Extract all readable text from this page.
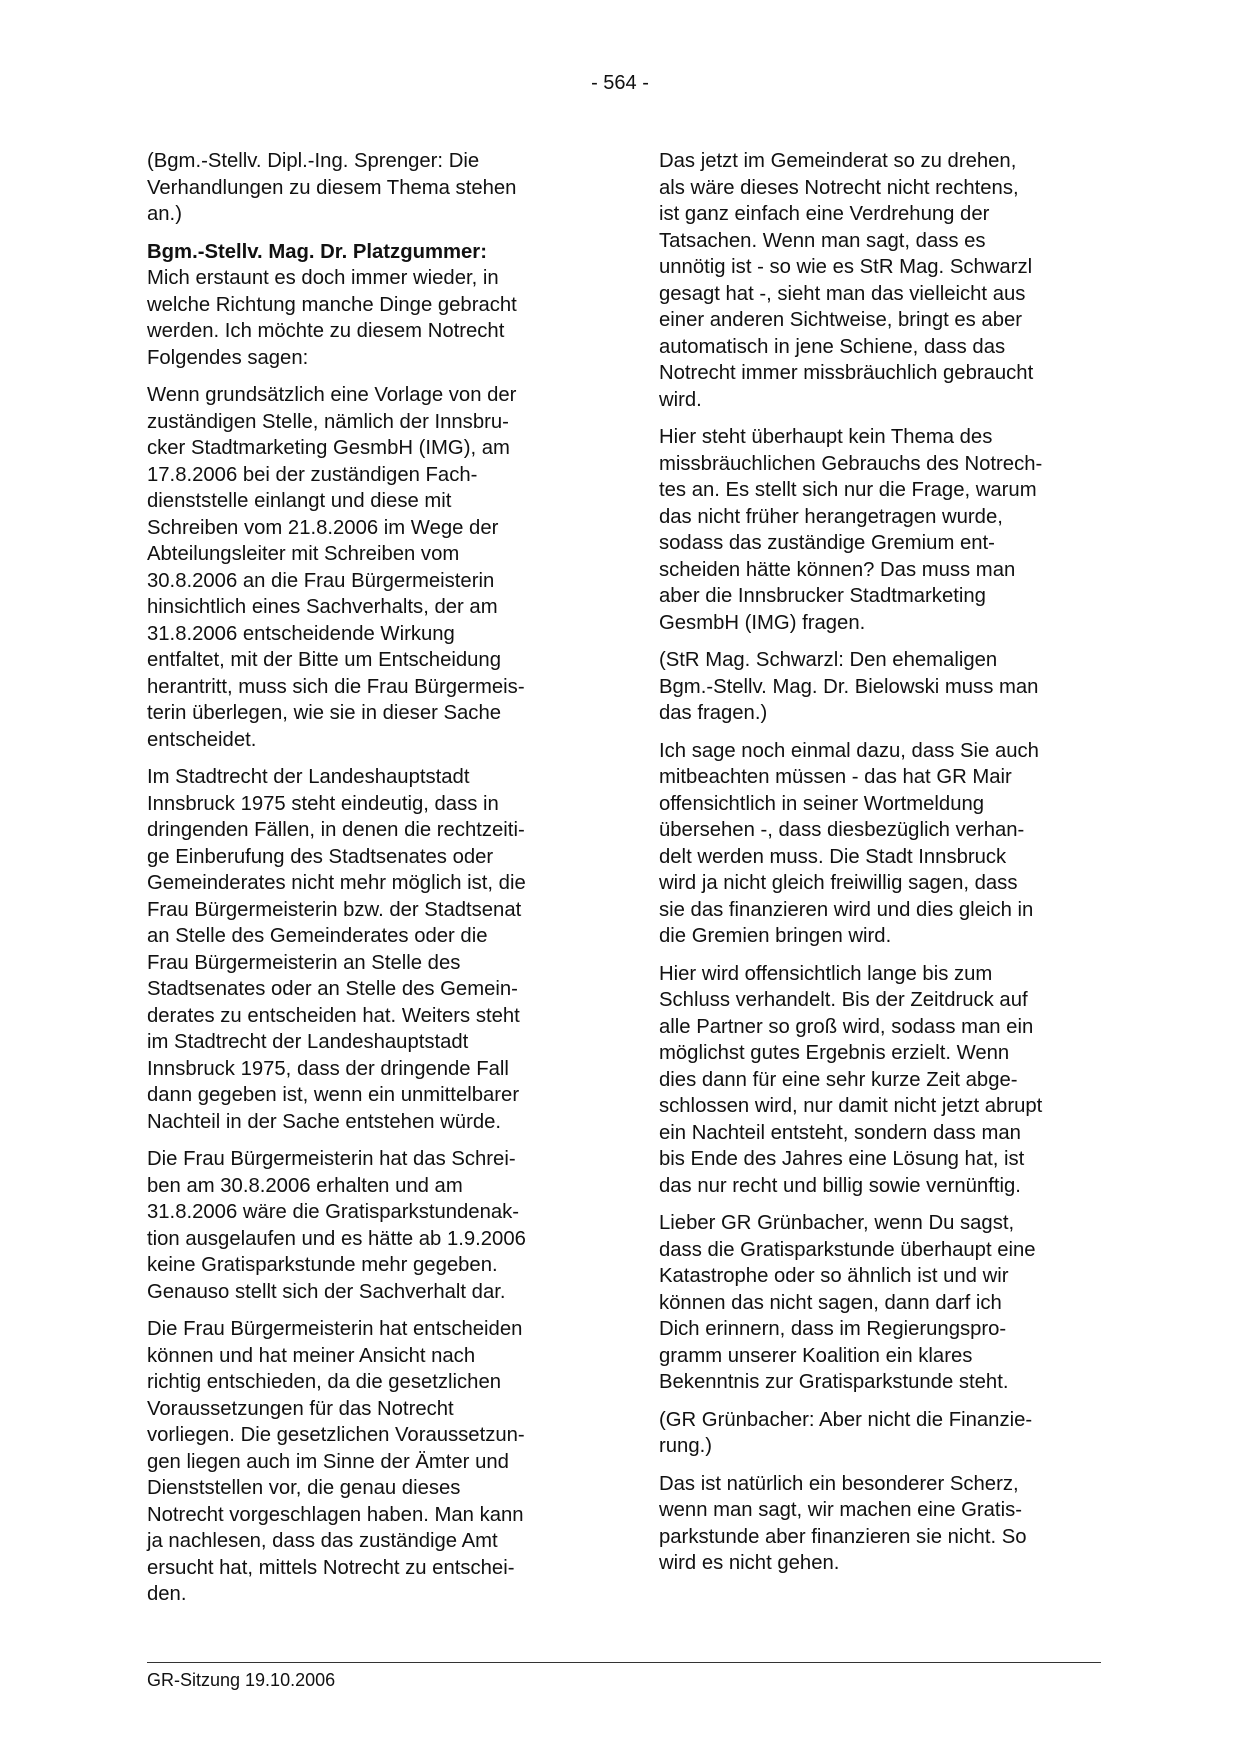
- 564 -

(Bgm.-Stellv. Dipl.-Ing. Sprenger: Die
Verhandlungen zu diesem Thema stehen
an.)

Bgm.-Stellv. Mag. Dr. Platzgummer:
Mich erstaunt es doch immer wieder, in
welche Richtung manche Dinge gebracht
werden. Ich möchte zu diesem Notrecht
Folgendes sagen:

Wenn grundsätzlich eine Vorlage von der
zuständigen Stelle, nämlich der Innsbru-
cker Stadtmarketing GesmbH (IMG), am
17.8.2006 bei der zuständigen Fach-
dienststelle einlangt und diese mit
Schreiben vom 21.8.2006 im Wege der
Abteilungsleiter mit Schreiben vom
30.8.2006 an die Frau Bürgermeisterin
hinsichtlich eines Sachverhalts, der am
31.8.2006 entscheidende Wirkung
entfaltet, mit der Bitte um Entscheidung
herantritt, muss sich die Frau Bürgermeis-
terin überlegen, wie sie in dieser Sache
entscheidet.

Im Stadtrecht der Landeshauptstadt
Innsbruck 1975 steht eindeutig, dass in
dringenden Fällen, in denen die rechtzeiti-
ge Einberufung des Stadtsenates oder
Gemeinderates nicht mehr möglich ist, die
Frau Bürgermeisterin bzw. der Stadtsenat
an Stelle des Gemeinderates oder die
Frau Bürgermeisterin an Stelle des
Stadtsenates oder an Stelle des Gemein-
derates zu entscheiden hat. Weiters steht
im Stadtrecht der Landeshauptstadt
Innsbruck 1975, dass der dringende Fall
dann gegeben ist, wenn ein unmittelbarer
Nachteil in der Sache entstehen würde.

Die Frau Bürgermeisterin hat das Schrei-
ben am 30.8.2006 erhalten und am
31.8.2006 wäre die Gratisparkstundenak-
tion ausgelaufen und es hätte ab 1.9.2006
keine Gratisparkstunde mehr gegeben.
Genauso stellt sich der Sachverhalt dar.

Die Frau Bürgermeisterin hat entscheiden
können und hat meiner Ansicht nach
richtig entschieden, da die gesetzlichen
Voraussetzungen für das Notrecht
vorliegen. Die gesetzlichen Voraussetzun-
gen liegen auch im Sinne der Ämter und
Dienststellen vor, die genau dieses
Notrecht vorgeschlagen haben. Man kann
ja nachlesen, dass das zuständige Amt
ersucht hat, mittels Notrecht zu entschei-
den.

Das jetzt im Gemeinderat so zu drehen,
als wäre dieses Notrecht nicht rechtens,
ist ganz einfach eine Verdrehung der
Tatsachen. Wenn man sagt, dass es
unnötig ist - so wie es StR Mag. Schwarzl
gesagt hat -, sieht man das vielleicht aus
einer anderen Sichtweise, bringt es aber
automatisch in jene Schiene, dass das
Notrecht immer missbräuchlich gebraucht
wird.

Hier steht überhaupt kein Thema des
missbräuchlichen Gebrauchs des Notrech-
tes an. Es stellt sich nur die Frage, warum
das nicht früher herangetragen wurde,
sodass das zuständige Gremium ent-
scheiden hätte können? Das muss man
aber die Innsbrucker Stadtmarketing
GesmbH (IMG) fragen.

(StR Mag. Schwarzl: Den ehemaligen
Bgm.-Stellv. Mag. Dr. Bielowski muss man
das fragen.)

Ich sage noch einmal dazu, dass Sie auch
mitbeachten müssen - das hat GR Mair
offensichtlich in seiner Wortmeldung
übersehen -, dass diesbezüglich verhan-
delt werden muss. Die Stadt Innsbruck
wird ja nicht gleich freiwillig sagen, dass
sie das finanzieren wird und dies gleich in
die Gremien bringen wird.

Hier wird offensichtlich lange bis zum
Schluss verhandelt. Bis der Zeitdruck auf
alle Partner so groß wird, sodass man ein
möglichst gutes Ergebnis erzielt. Wenn
dies dann für eine sehr kurze Zeit abge-
schlossen wird, nur damit nicht jetzt abrupt
ein Nachteil entsteht, sondern dass man
bis Ende des Jahres eine Lösung hat, ist
das nur recht und billig sowie vernünftig.

Lieber GR Grünbacher, wenn Du sagst,
dass die Gratisparkstunde überhaupt eine
Katastrophe oder so ähnlich ist und wir
können das nicht sagen, dann darf ich
Dich erinnern, dass im Regierungspro-
gramm unserer Koalition ein klares
Bekenntnis zur Gratisparkstunde steht.

(GR Grünbacher: Aber nicht die Finanzie-
rung.)

Das ist natürlich ein besonderer Scherz,
wenn man sagt, wir machen eine Gratis-
parkstunde aber finanzieren sie nicht. So
wird es nicht gehen.

GR-Sitzung 19.10.2006
